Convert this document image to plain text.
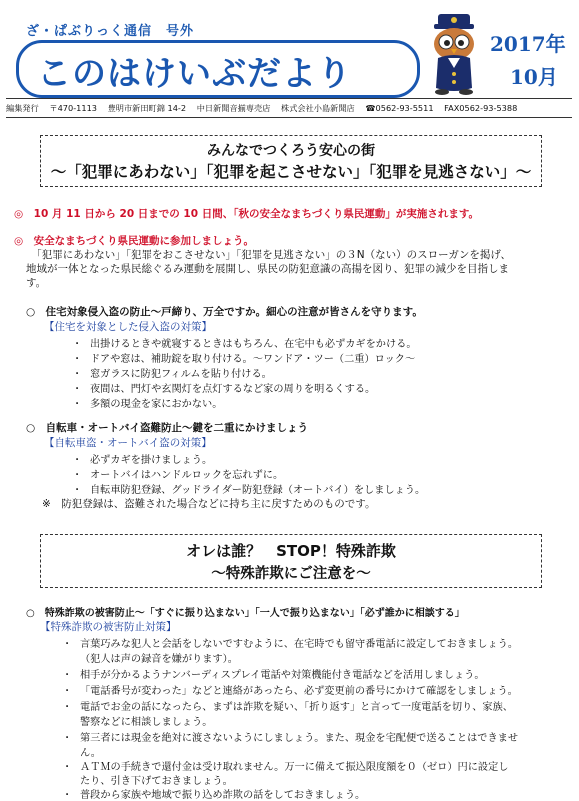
ざ・ぱぶりっく通信　号外
このはけいぶだより
2017年
10月
編集発行 〒470-1113 豊明市新田町錦 14-2 中日新聞音揃専売店 株式会社小島新聞店 ☎0562-93-5511 FAX0562-93-5388
みんなでつくろう安心の街
～「犯罪にあわない」「犯罪を起こさせない」「犯罪を見逃さない」～
◎　10 月 11 日から 20 日までの 10 日間、「秋の安全なまちづくり県民運動」が実施されます。
◎　安全なまちづくり県民運動に参加しましょう。
　「犯罪にあわない」「犯罪をおこさせない」「犯罪を見逃さない」の３N（ない）のスローガンを掲げ、
地域が一体となった県民総ぐるみ運動を展開し、県民の防犯意識の高揚を図り、犯罪の減少を目指しま
す。
○　住宅対象侵入盗の防止～戸締り、万全ですか。細心の注意が皆さんを守ります。
【住宅を対象とした侵入盗の対策】
・ 出掛けるときや就寝するときはもちろん、在宅中も必ずカギをかける。
・ ドアや窓は、補助錠を取り付ける。～ワンドア・ツー（二重）ロック～
・ 窓ガラスに防犯フィルムを貼り付ける。
・ 夜間は、門灯や玄関灯を点灯するなど家の周りを明るくする。
・ 多額の現金を家におかない。
○　自転車・オートバイ盗難防止～鍵を二重にかけましょう
【自転車盗・オートバイ盗の対策】
・ 必ずカギを掛けましょう。
・ オートバイはハンドルロックを忘れずに。
・ 自転車防犯登録、グッドライダー防犯登録（オートバイ）をしましょう。
※　防犯登録は、盗難された場合などに持ち主に戻すためのものです。
オレは誰？　STOP！特殊詐欺
～特殊詐欺にご注意を～
○　特殊詐欺の被害防止～「すぐに振り込まない」「一人で振り込まない」「必ず誰かに相談する」
【特殊詐欺の被害防止対策】
・ 言葉巧みな犯人と会話をしないですむように、在宅時でも留守番電話に設定しておきましょう。
（犯人は声の録音を嫌がります）。
・ 相手が分かるようナンバーディスプレイ電話や対策機能付き電話などを活用しましょう。
・ 「電話番号が変わった」などと連絡があったら、必ず変更前の番号にかけて確認をしましょう。
・ 電話でお金の話になったら、まずは詐欺を疑い、「折り返す」と言って一度電話を切り、家族、
警察などに相談しましょう。
・ 第三者には現金を絶対に渡さないようにしましょう。また、現金を宅配便で送ることはできませ
ん。
・ ＡＴＭの手続きで還付金は受け取れません。万一に備えて振込限度額を０（ゼロ）円に設定し
たり、引き下げておきましょう。
・ 普段から家族や地域で振り込め詐欺の話をしておきましょう。
